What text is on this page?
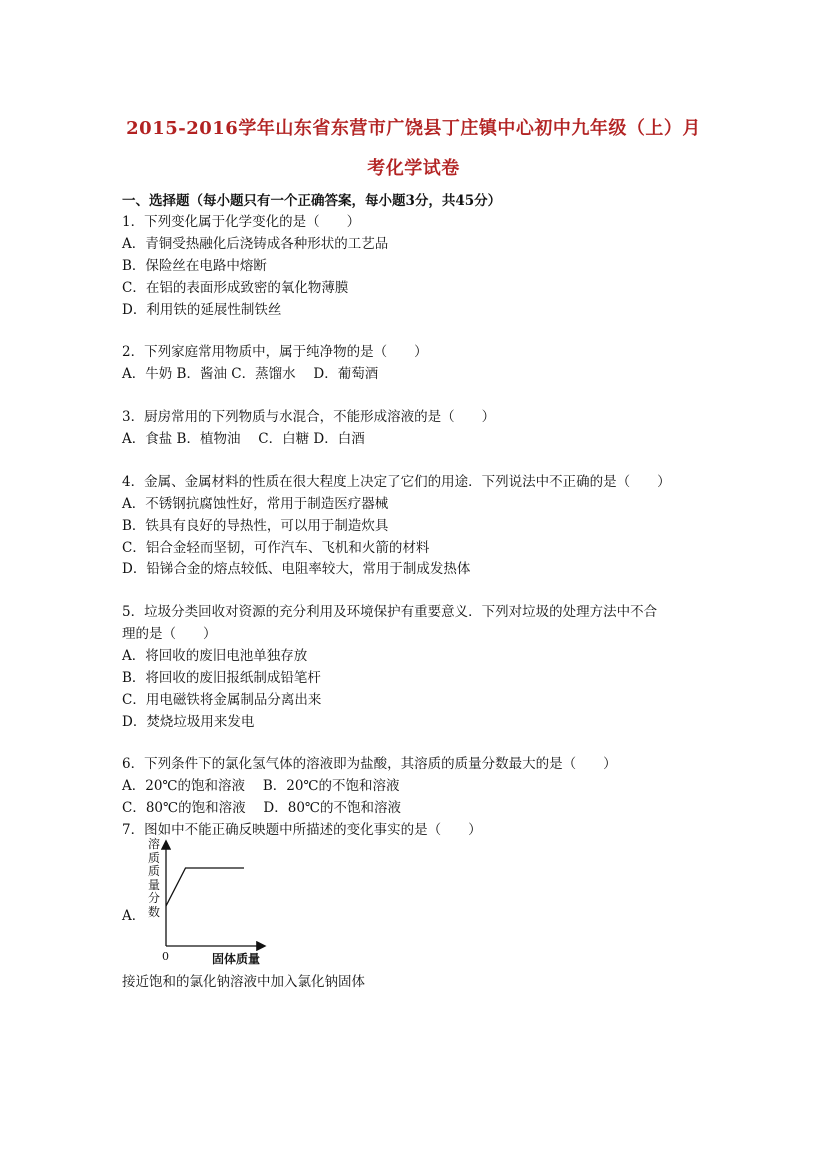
2015-2016学年山东省东营市广饶县丁庄镇中心初中九年级（上）月
考化学试卷
一、选择题（每小题只有一个正确答案，每小题3分，共45分）
1．下列变化属于化学变化的是（　　）
A．青铜受热融化后浇铸成各种形状的工艺品
B．保险丝在电路中熔断
C．在铝的表面形成致密的氧化物薄膜
D．利用铁的延展性制铁丝
2．下列家庭常用物质中，属于纯净物的是（　　）
A．牛奶 B．酱油 C．蒸馏水　 D．葡萄酒
3．厨房常用的下列物质与水混合，不能形成溶液的是（　　）
A．食盐 B．植物油　 C．白糖 D．白酒
4．金属、金属材料的性质在很大程度上决定了它们的用途．下列说法中不正确的是（　　）
A．不锈钢抗腐蚀性好，常用于制造医疗器械
B．铁具有良好的导热性，可以用于制造炊具
C．铝合金轻而坚韧，可作汽车、飞机和火箭的材料
D．铅锑合金的熔点较低、电阻率较大，常用于制成发热体
5．垃圾分类回收对资源的充分利用及环境保护有重要意义．下列对垃圾的处理方法中不合
理的是（　　）
A．将回收的废旧电池单独存放
B．将回收的废旧报纸制成铅笔杆
C．用电磁铁将金属制品分离出来
D．焚烧垃圾用来发电
6．下列条件下的氯化氢气体的溶液即为盐酸，其溶质的质量分数最大的是（　　）
A．20℃的饱和溶液　 B．20℃的不饱和溶液
C．80℃的饱和溶液　 D．80℃的不饱和溶液
7．图如中不能正确反映题中所描述的变化事实的是（　　）
A．
溶质质量分数
0	固体质量
接近饱和的氯化钠溶液中加入氯化钠固体
